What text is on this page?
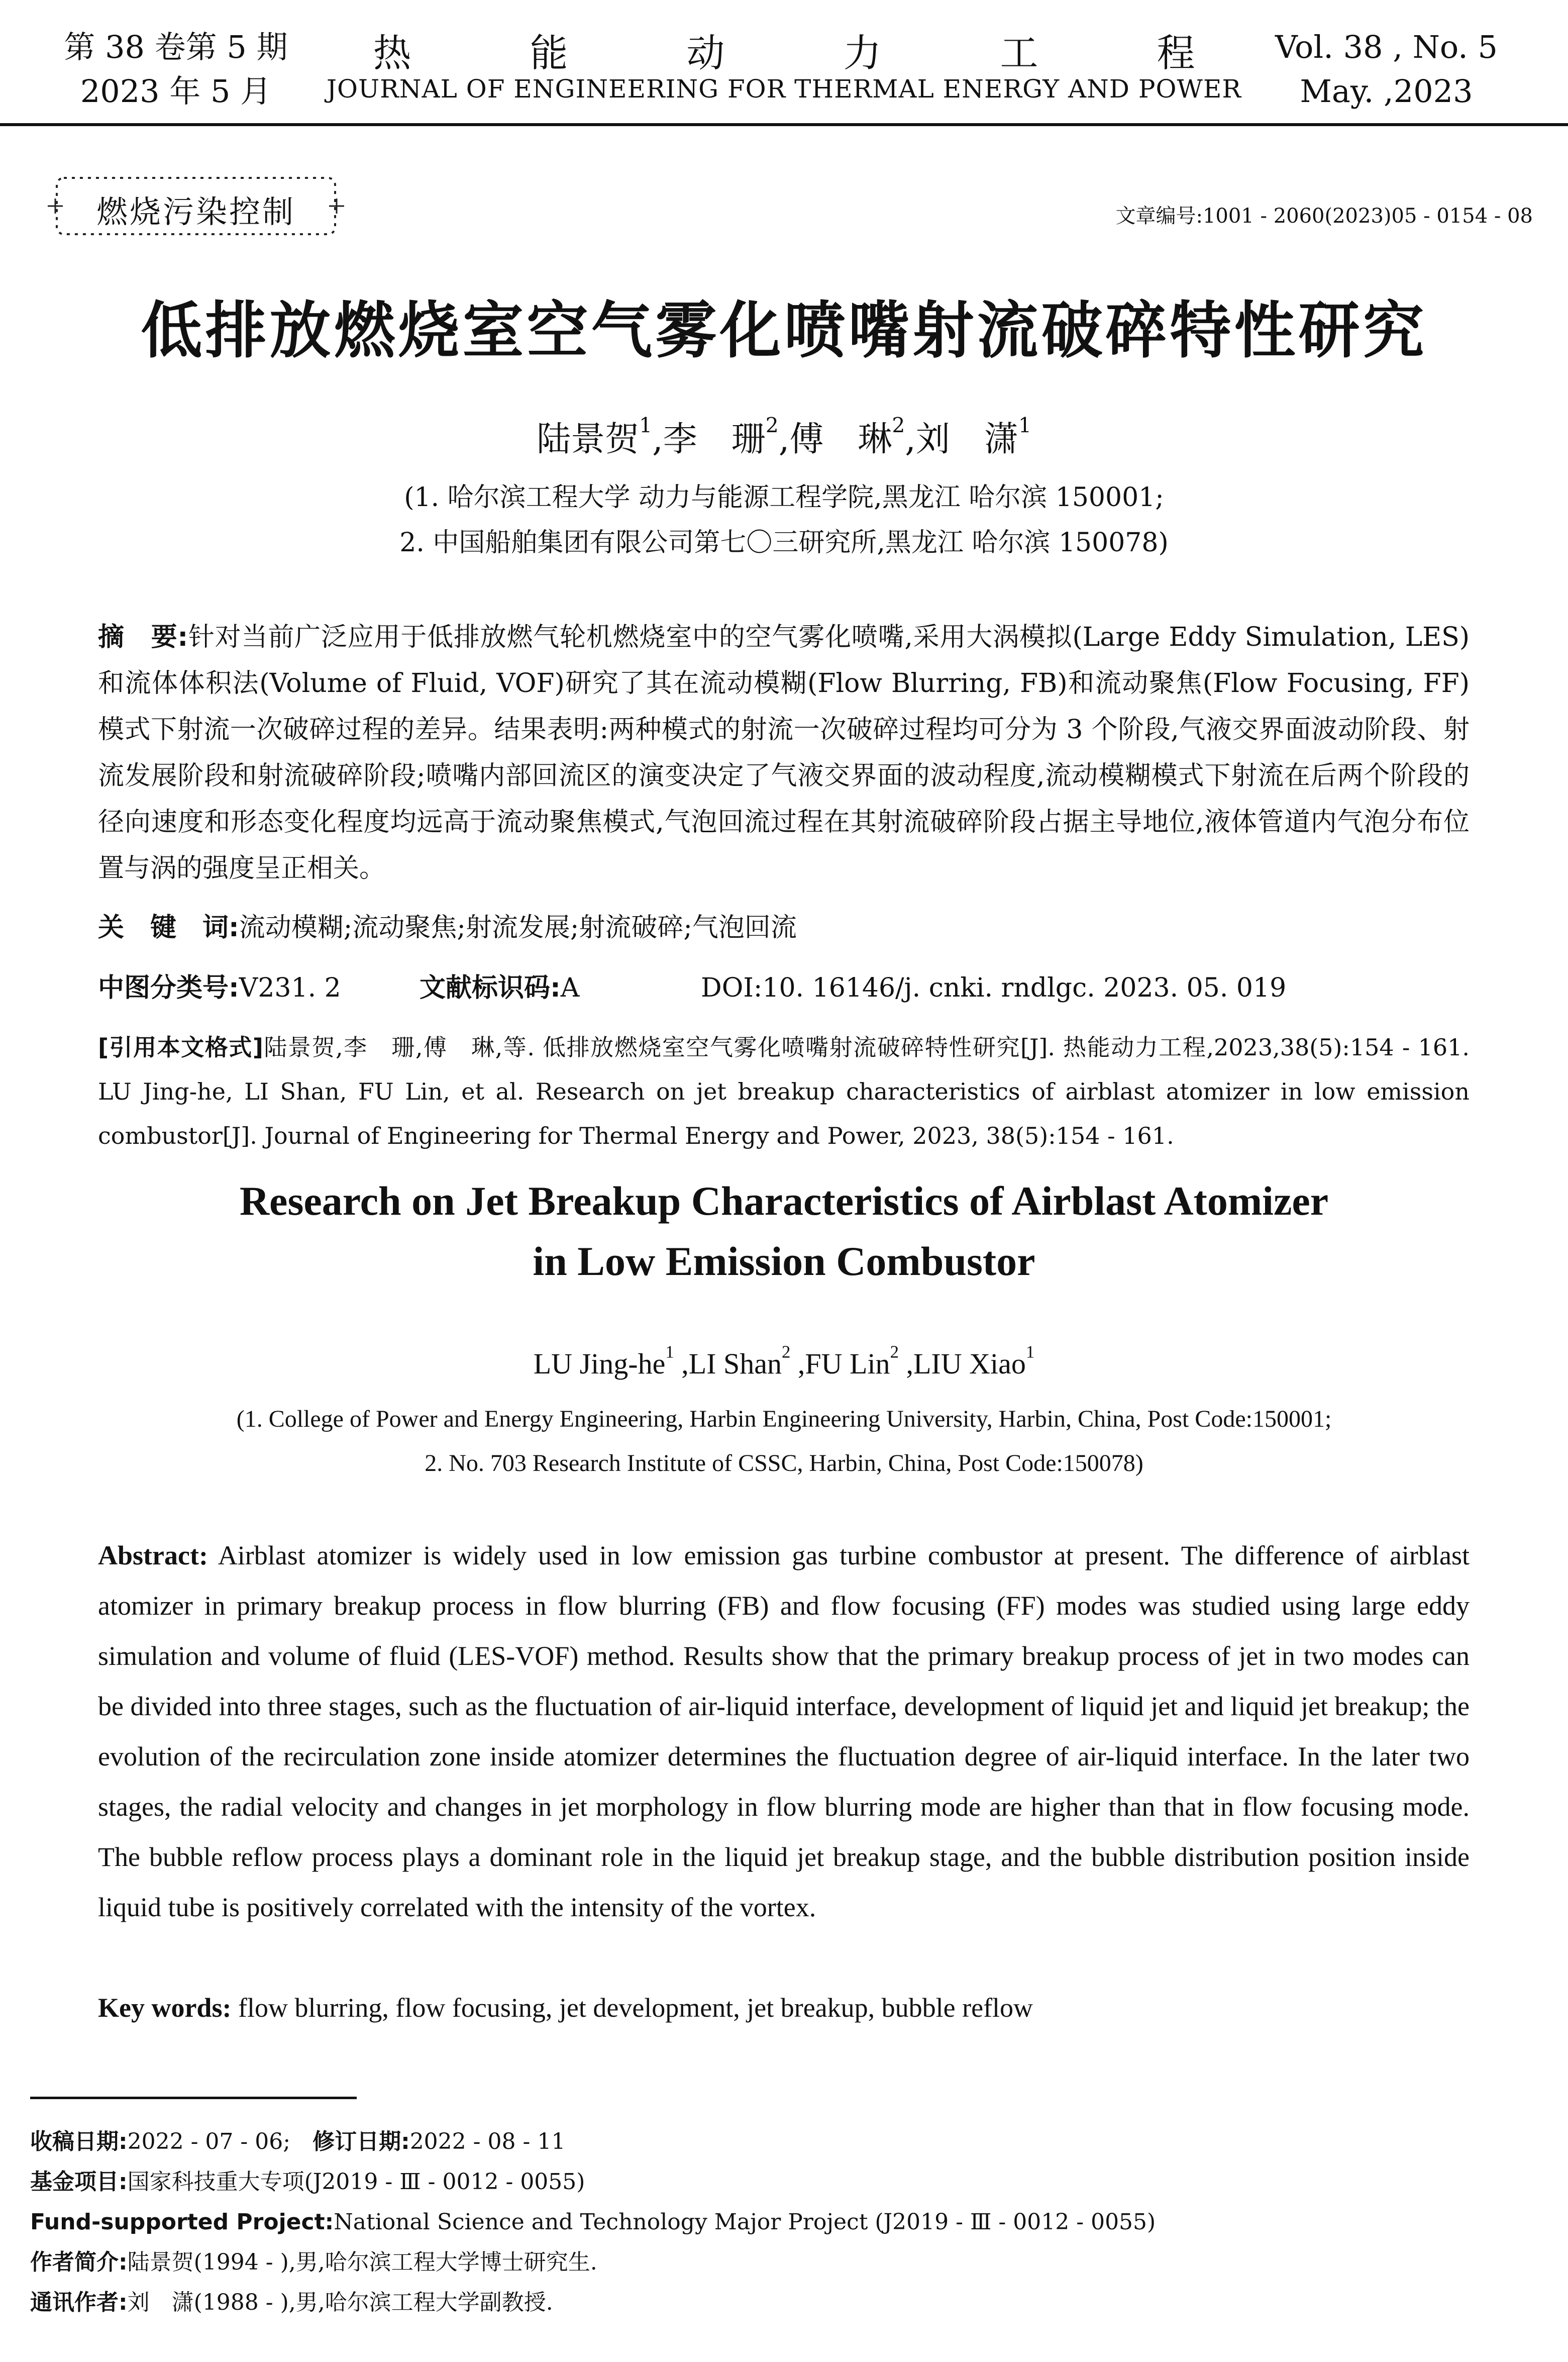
第 38 卷第 5 期
2023 年 5 月
热	能	动	力	工	程
JOURNAL OF ENGINEERING FOR THERMAL ENERGY AND POWER
Vol. 38 , No. 5
May. ,2023
燃烧污染控制	文章编号:1001 - 2060(2023)05 - 0154 - 08
低排放燃烧室空气雾化喷嘴射流破碎特性研究
陆景贺$^1$,李　珊$^2$,傅　琳$^2$,刘　潇$^1$
(1. 哈尔滨工程大学 动力与能源工程学院,黑龙江 哈尔滨 150001;
2. 中国船舶集团有限公司第七〇三研究所,黑龙江 哈尔滨 150078)
摘　要:针对当前广泛应用于低排放燃气轮机燃烧室中的空气雾化喷嘴,采用大涡模拟(Large Eddy Simulation, LES)和流体体积法(Volume of Fluid, VOF)研究了其在流动模糊(Flow Blurring, FB)和流动聚焦(Flow Focusing, FF)模式下射流一次破碎过程的差异。结果表明:两种模式的射流一次破碎过程均可分为 3 个阶段,气液交界面波动阶段、射流发展阶段和射流破碎阶段;喷嘴内部回流区的演变决定了气液交界面的波动程度,流动模糊模式下射流在后两个阶段的径向速度和形态变化程度均远高于流动聚焦模式,气泡回流过程在其射流破碎阶段占据主导地位,液体管道内气泡分布位置与涡的强度呈正相关。
关　键　词:流动模糊;流动聚焦;射流发展;射流破碎;气泡回流
中图分类号:V231. 2	文献标识码:A	DOI:10. 16146/j. cnki. rndlgc. 2023. 05. 019
[引用本文格式]陆景贺,李　珊,傅　琳,等. 低排放燃烧室空气雾化喷嘴射流破碎特性研究[J]. 热能动力工程,2023,38(5):154 - 161. LU Jing-he, LI Shan, FU Lin, et al. Research on jet breakup characteristics of airblast atomizer in low emission combustor[J]. Journal of Engineering for Thermal Energy and Power, 2023, 38(5):154 - 161.
Research on Jet Breakup Characteristics of Airblast Atomizer
in Low Emission Combustor
LU Jing-$he^1$ ,LI Shan$^2$ ,FU Lin$^2$ ,LIU Xiao$^1$
(1. College of Power and Energy Engineering, Harbin Engineering University, Harbin, China, Post Code:150001;
2. No. 703 Research Institute of CSSC, Harbin, China, Post Code:150078)
Abstract: Airblast atomizer is widely used in low emission gas turbine combustor at present. The difference of airblast atomizer in primary breakup process in flow blurring (FB) and flow focusing (FF) modes was studied using large eddy simulation and volume of fluid (LES-VOF) method. Results show that the primary breakup process of jet in two modes can be divided into three stages, such as the fluctuation of air-liquid interface, development of liquid jet and liquid jet breakup; the evolution of the recirculation zone inside atomizer determines the fluctuation degree of air-liquid interface. In the later two stages, the radial velocity and changes in jet morphology in flow blurring mode are higher than that in flow focusing mode. The bubble reflow process plays a dominant role in the liquid jet breakup stage, and the bubble distribution position inside liquid tube is positively correlated with the intensity of the vortex.
Key words: flow blurring, flow focusing, jet development, jet breakup, bubble reflow
收稿日期:2022 - 07 - 06;　修订日期:2022 - 08 - 11
基金项目:国家科技重大专项(J2019 - Ⅲ - 0012 - 0055)
Fund-supported Project:National Science and Technology Major Project (J2019 - Ⅲ - 0012 - 0055)
作者简介:陆景贺(1994 - ),男,哈尔滨工程大学博士研究生.
通讯作者:刘　潇(1988 - ),男,哈尔滨工程大学副教授.
